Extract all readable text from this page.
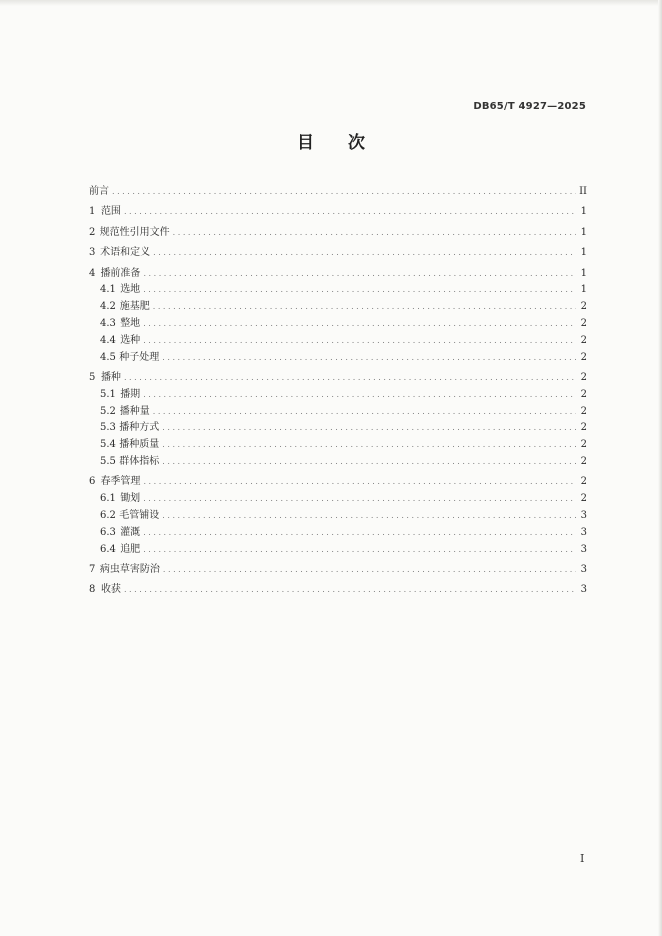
DB65/T 4927—2025
目 次
前言 . . .	II
1 范围 . . .	1
2 规范性引用文件 . . .	1
3 术语和定义 . . .	1
4 播前准备 . . .	1
4.1 选地 . . .	1
4.2 施基肥 . . .	2
4.3 整地 . . .	2
4.4 选种 . . .	2
4.5 种子处理 . . .	2
5 播种 . . .	2
5.1 播期 . . .	2
5.2 播种量 . . .	2
5.3 播种方式 . . .	2
5.4 播种质量 . . .	2
5.5 群体指标 . . .	2
6 春季管理 . . .	2
6.1 锄划 . . .	2
6.2 毛管铺设 . . .	3
6.3 灌溉 . . .	3
6.4 追肥 . . .	3
7 病虫草害防治 . . .	3
8 收获 . . .	3
I
